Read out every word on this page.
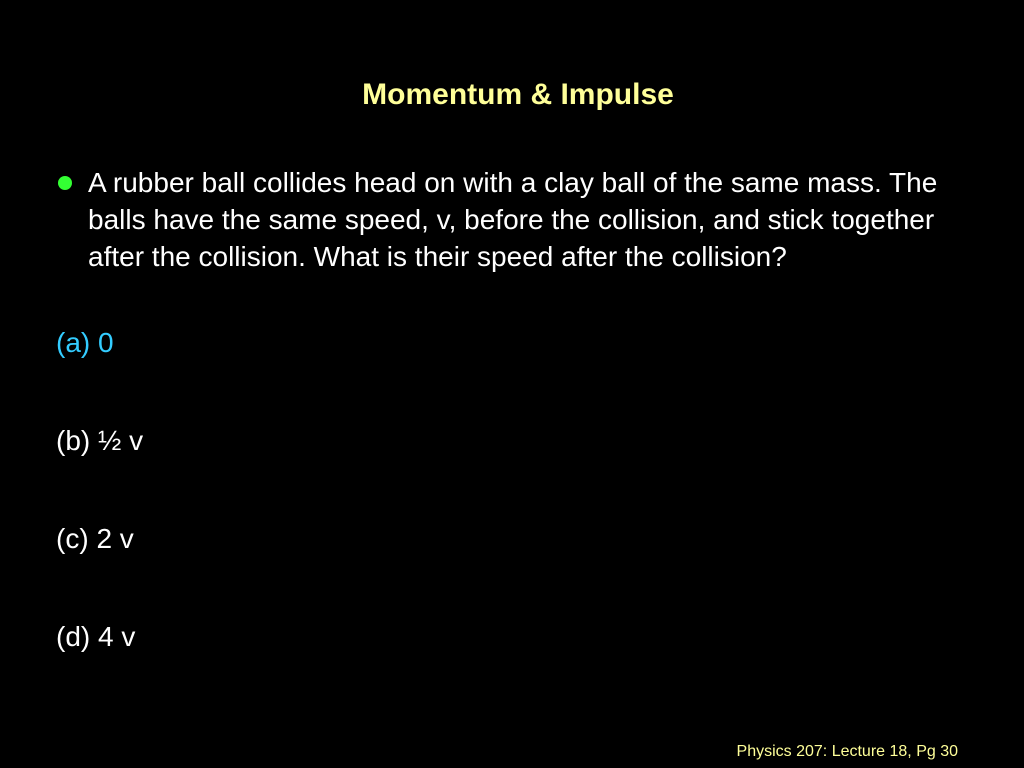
Momentum & Impulse
A rubber ball collides head on with a clay ball of the same mass. The balls have the same speed, v, before the collision, and stick together after the collision. What is their speed after the collision?
(a) 0
(b) ½ v
(c) 2 v
(d) 4 v
Physics 207: Lecture 18, Pg 30
